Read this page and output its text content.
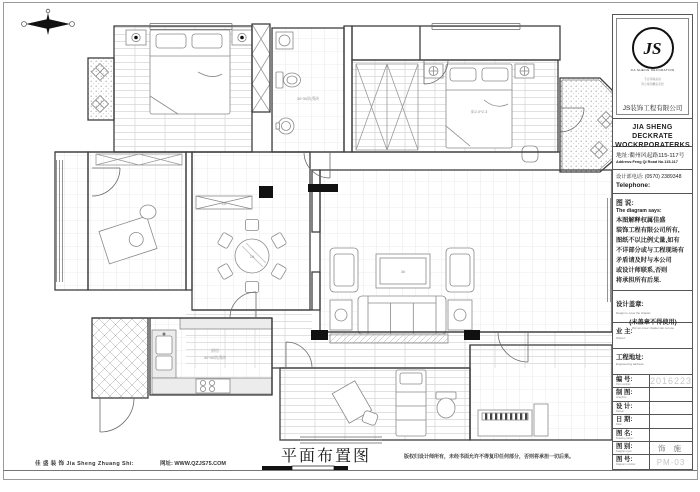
30*30防滑砖
床2.0*2.3
2#
1#
3#
厨房
30*30防滑砖
JS
JIA SHENG DECORATION
专业铸就品质
用心缔造精品家居
JS装饰工程有限公司
JIA SHENG DECKRATE
WOCKRPORATERKS
地址:衢州风起路115-117号
Address:Feng Qi Road No.115-117
设计部电话: (0570) 2389348
Telephone:
图 说:
The diagram says:
本图解释权属佳盛
装饰工程有限公司所有,
图纸不以比例丈量,如有
不详部分或与工程现场有
矛盾请及时与本公司
或设计师联系,否则
将承担所有后果.
设计盖章:
Design to cover the chapter:
(未盖章不得使用)
Did not cover chapter can not use
业 主:
Owner:
工程地址:
Engineering address:
编 号:
Part number:	2016223
制 图:
Graphics:
设 计:
Design:
日 期:
Date:
图 名:
Drawing name:
图 别:
Diagram type:	饰 施
图 号:
Diagram number:	PM-03
佳 盛 装 饰 Jia Sheng Zhuang Shi:	网址: WWW.QZJS75.COM	平面布置图	版权归设计师所有，未经书面允许不得复印任何部分，否则将承担一切后果。
